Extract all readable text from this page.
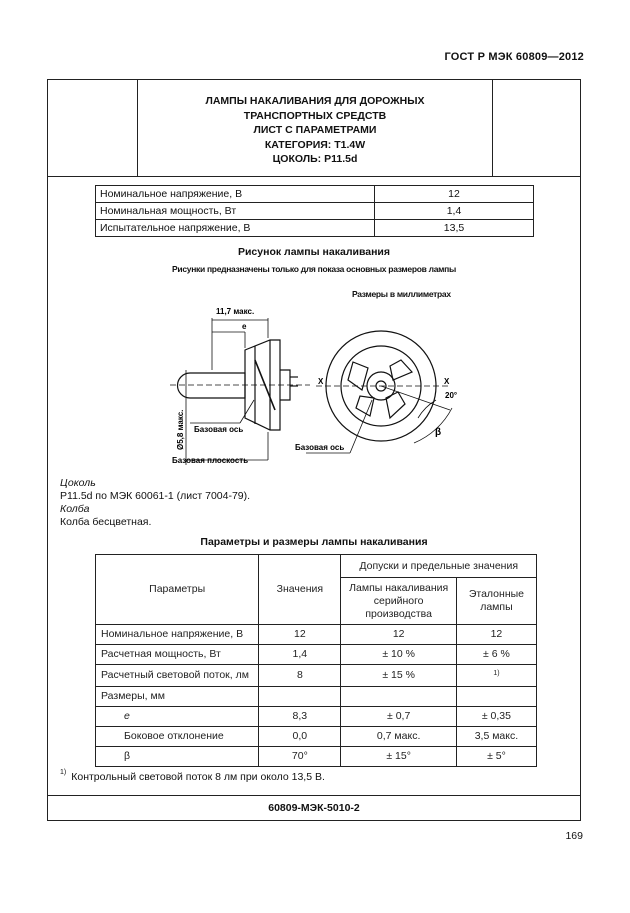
ГОСТ Р МЭК 60809—2012
ЛАМПЫ НАКАЛИВАНИЯ ДЛЯ ДОРОЖНЫХ
ТРАНСПОРТНЫХ СРЕДСТВ
ЛИСТ С ПАРАМЕТРАМИ
КАТЕГОРИЯ: Т1.4W
ЦОКОЛЬ: P11.5d
Номинальное напряжение, В	12
Номинальная мощность, Вт	1,4
Испытательное напряжение, В	13,5
Рисунок лампы накаливания
Рисунки предназначены только для показа основных размеров лампы
Размеры в миллиметрах
11,7 макс.
е
Ø5,8 макс. Базовая ось
Базовая плоскость
X	X
20°
β
Базовая ось
Цоколь
P11.5d по МЭК 60061-1 (лист 7004-79).
Колба
Колба бесцветная.
Параметры и размеры лампы накаливания
Параметры	Значения	Допуски и предельные значения	
		Лампы накаливания серийного производства	Эталонные лампы
Номинальное напряжение, В	12	12	12
Расчетная мощность, Вт	1,4	± 10 %	± 6 %
Расчетный световой поток, лм	8	± 15 %	1)
Размеры, мм			
е	8,3	± 0,7	± 0,35
Боковое отклонение	0,0	0,7 макс.	3,5 макс.
β	70°	± 15°	± 5°
$^{1)}$ Контрольный световой поток 8 лм при около 13,5 В.
60809-МЭК-5010-2
169
